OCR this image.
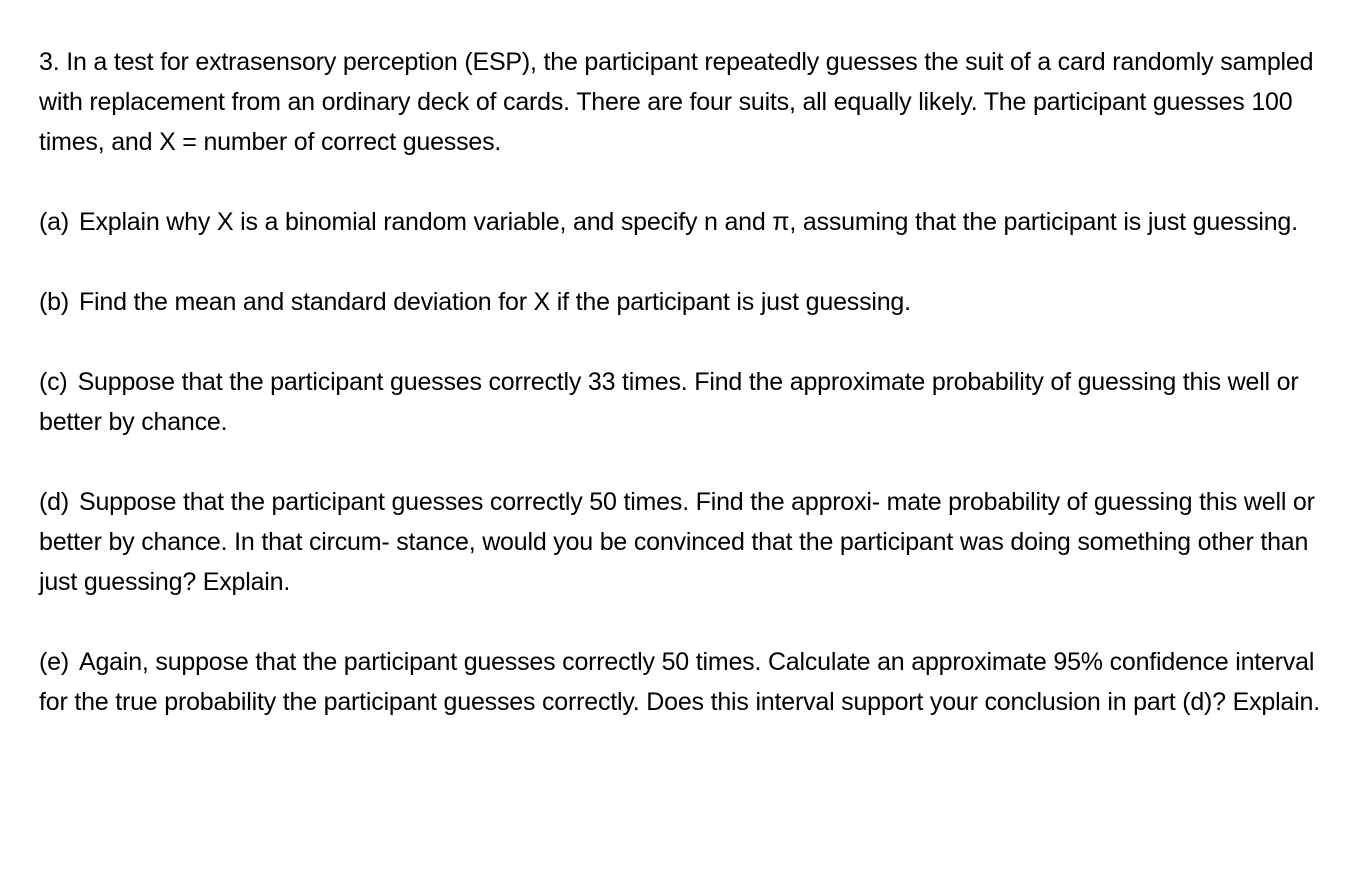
3. In a test for extrasensory perception (ESP), the participant repeatedly guesses the suit of a card randomly sampled with replacement from an ordinary deck of cards. There are four suits, all equally likely. The participant guesses 100 times, and X = number of correct guesses.

(a) Explain why X is a binomial random variable, and specify n and π, assuming that the participant is just guessing.

(b) Find the mean and standard deviation for X if the participant is just guessing.

(c) Suppose that the participant guesses correctly 33 times. Find the approximate probability of guessing this well or better by chance.

(d) Suppose that the participant guesses correctly 50 times. Find the approxi- mate probability of guessing this well or better by chance. In that circum- stance, would you be convinced that the participant was doing something other than just guessing? Explain.

(e) Again, suppose that the participant guesses correctly 50 times. Calculate an approximate 95% confidence interval for the true probability the participant guesses correctly. Does this interval support your conclusion in part (d)? Explain.
